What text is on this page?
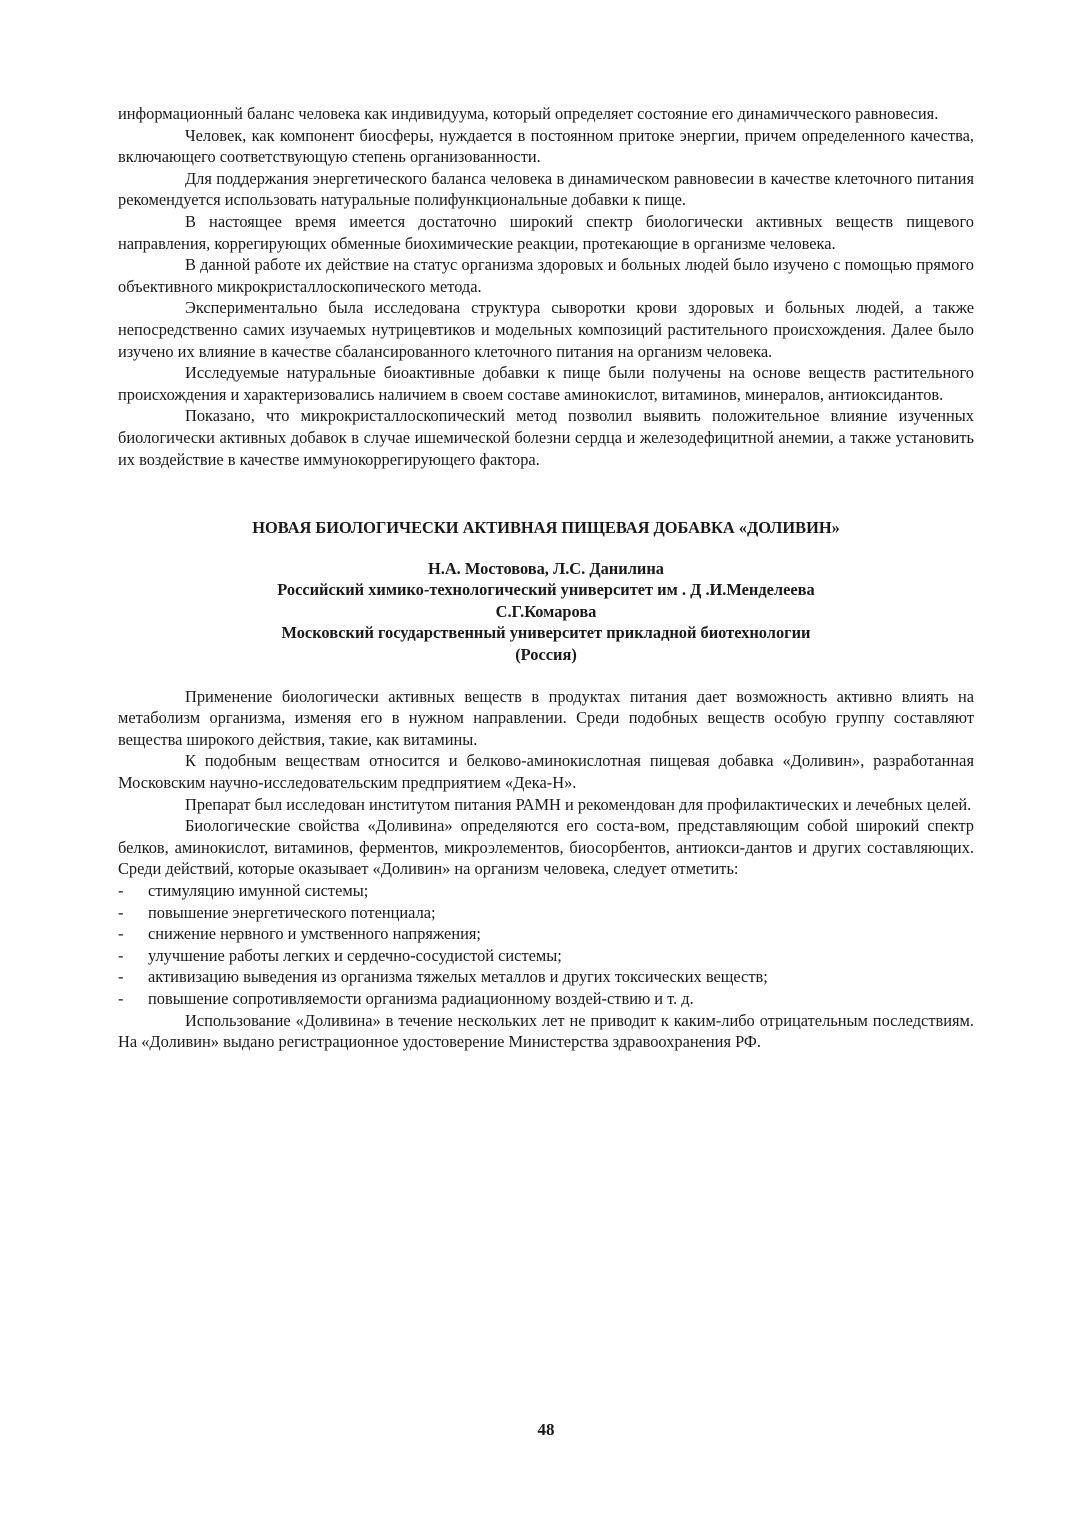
информационный баланс человека как индивидуума, который определяет состояние его динамичческого равновесия.

Человек, как компонент биосферы, нуждается в постоянном притоке энергии, причем определенного качества, включающего соответствующую степень организованности.

Для поддержания энергетического баланса человека в динамическом равновесии в качестве клеточного питания рекомендуется использовать натуральные полифункциональные добавки к пище.

В настоящее время имеется достаточно широкий спектр биологически активных веществ пищевого направления, коррегирующих обменные биохимические реакции, протекающие в организме человека.

В данной работе их действие на статус организма здоровых и больных людей было изучено с помощью прямого объективного микрокристаллоскопического метода.

Экспериментально была исследована структура сыворотки крови здоровых и больных людей, а также непосредственно самих изучаемых нутрицевтиков и модельных композиций растительного происхождения. Далее было изучено их влияние в качестве сбалансированного клеточного питания на организм человека.

Исследуемые натуральные биоактивные добавки к пище были получены на основе веществ растительного происхождения и характеризовались наличием в своем составе аминокислот, витаминов, минералов, антиоксидантов.

Показано, что микрокристаллоскопический метод позволил выявить положительное влияние изученных биологически активных добавок в случае ишемической болезни сердца и железодефицитной анемии, а также установить их воздействие в качестве иммунокоррегирующего фактора.

НОВАЯ БИОЛОГИЧЕСКИ АКТИВНАЯ ПИЩЕВАЯ ДОБАВКА «ДОЛИВИН»
Н.А. Мостовова, Л.С. Данилина
Российский химико-технологический университет им . Д .И.Менделеева
С.Г.Комарова
Московский государственный университет прикладной биотехнологии
(Россия)

Применение биологически активных веществ в продуктах питания дает возможность активно влиять на метаболизм организма, изменяя его в нужном направлении. Среди подобных веществ особую группу составляют вещества широкого действия, такие, как витамины.

К подобным веществам относится и белково-аминокислотная пищевая добавка «Доливин», разработанная Московским научно-исследовательским предприятием «Дека-Н».

Препарат был исследован институтом питания РАМН и рекомендован для профилактических и лечебных целей.

Биологические свойства «Доливина» определяются его соста-вом, представляющим собой широкий спектр белков, аминокислот, витаминов, ферментов, микроэлементов, биосорбентов, антиокси-дантов и других составляющих. Среди действий, которые оказывает «Доливин» на организм человека, следует отметить:

- стимуляцию имунной системы;
- повышение энергетического потенциала;
- снижение нервного и умственного напряжения;
- улучшение работы легких и сердечно-сосудистой системы;
- активизацию выведения из организма тяжелых металлов и других токсических веществ;
- повышение сопротивляемости организма радиационному воздей-ствию и т. д.

Использование «Доливина» в течение нескольких лет не приводит к каким-либо отрицательным последствиям. На «Доливин» выдано регистрационное удостоверение Министерства здравоохранения РФ.

48
